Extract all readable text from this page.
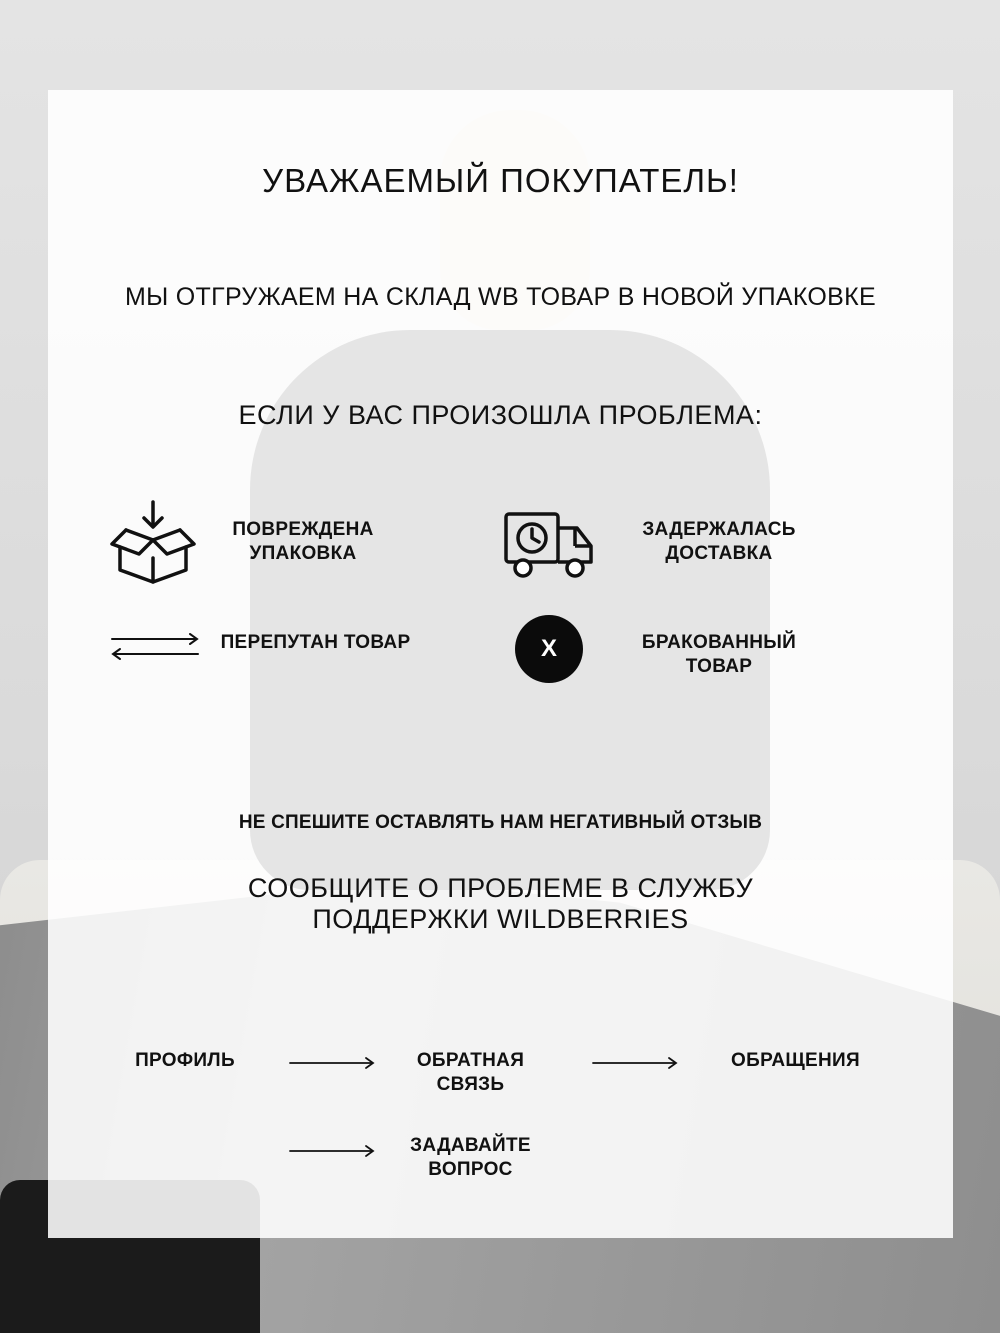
УВАЖАЕМЫЙ ПОКУПАТЕЛЬ!
МЫ ОТГРУЖАЕМ НА СКЛАД WB ТОВАР В НОВОЙ УПАКОВКЕ
ЕСЛИ У ВАС ПРОИЗОШЛА ПРОБЛЕМА:
ПОВРЕЖДЕНА
УПАКОВКА
ЗАДЕРЖАЛАСЬ
ДОСТАВКА
ПЕРЕПУТАН ТОВАР	X	БРАКОВАННЫЙ
ТОВАР
НЕ СПЕШИТЕ ОСТАВЛЯТЬ НАМ НЕГАТИВНЫЙ ОТЗЫВ
СООБЩИТЕ О ПРОБЛЕМЕ В СЛУЖБУ
ПОДДЕРЖКИ WILDBERRIES
ПРОФИЛЬ	ОБРАТНАЯ
СВЯЗЬ
ОБРАЩЕНИЯ
ЗАДАВАЙТЕ
ВОПРОС
